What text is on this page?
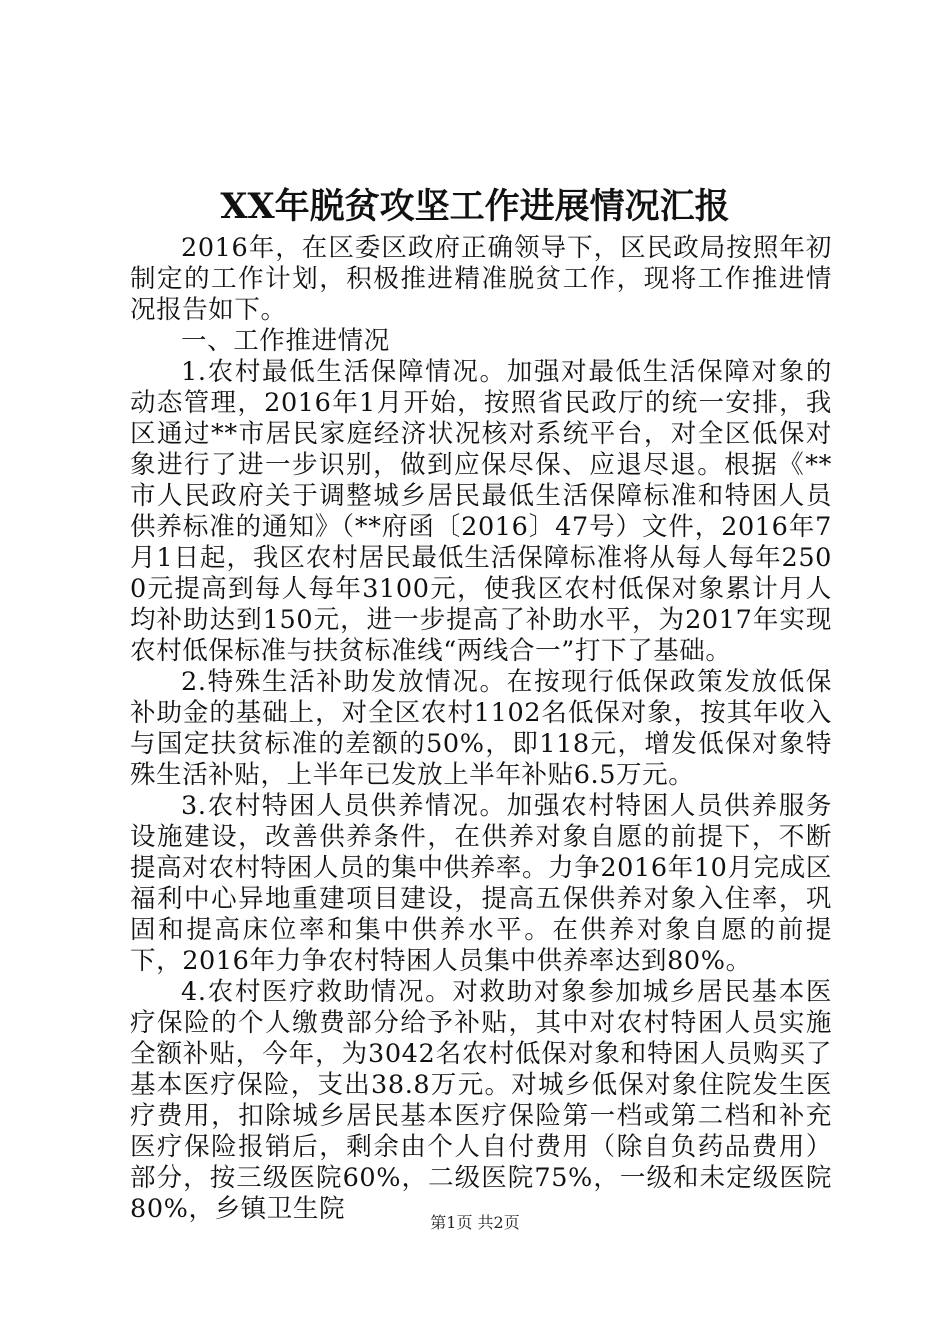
XX年脱贫攻坚工作进展情况汇报

2016年，在区委区政府正确领导下，区民政局按照年初制定的工作计划，积极推进精准脱贫工作，现将工作推进情况报告如下。

一、工作推进情况

1.农村最低生活保障情况。加强对最低生活保障对象的动态管理，2016年1月开始，按照省民政厅的统一安排，我区通过**市居民家庭经济状况核对系统平台，对全区低保对象进行了进一步识别，做到应保尽保、应退尽退。根据《**市人民政府关于调整城乡居民最低生活保障标准和特困人员供养标准的通知》（**府函〔2016〕47号）文件，2016年7月1日起，我区农村居民最低生活保障标准将从每人每年2500元提高到每人每年3100元，使我区农村低保对象累计月人均补助达到150元，进一步提高了补助水平，为2017年实现农村低保标准与扶贫标准线“两线合一”打下了基础。

2.特殊生活补助发放情况。在按现行低保政策发放低保补助金的基础上，对全区农村1102名低保对象，按其年收入与国定扶贫标准的差额的50%，即118元，增发低保对象特殊生活补贴，上半年已发放上半年补贴6.5万元。

3.农村特困人员供养情况。加强农村特困人员供养服务设施建设，改善供养条件，在供养对象自愿的前提下，不断提高对农村特困人员的集中供养率。力争2016年10月完成区福利中心异地重建项目建设，提高五保供养对象入住率，巩固和提高床位率和集中供养水平。在供养对象自愿的前提下，2016年力争农村特困人员集中供养率达到80%。

4.农村医疗救助情况。对救助对象参加城乡居民基本医疗保险的个人缴费部分给予补贴，其中对农村特困人员实施全额补贴，今年，为3042名农村低保对象和特困人员购买了基本医疗保险，支出38.8万元。对城乡低保对象住院发生医疗费用，扣除城乡居民基本医疗保险第一档或第二档和补充医疗保险报销后，剩余由个人自付费用（除自负药品费用）部分，按三级医院60%，二级医院75%，一级和未定级医院80%，乡镇卫生院	第1页 共2页
